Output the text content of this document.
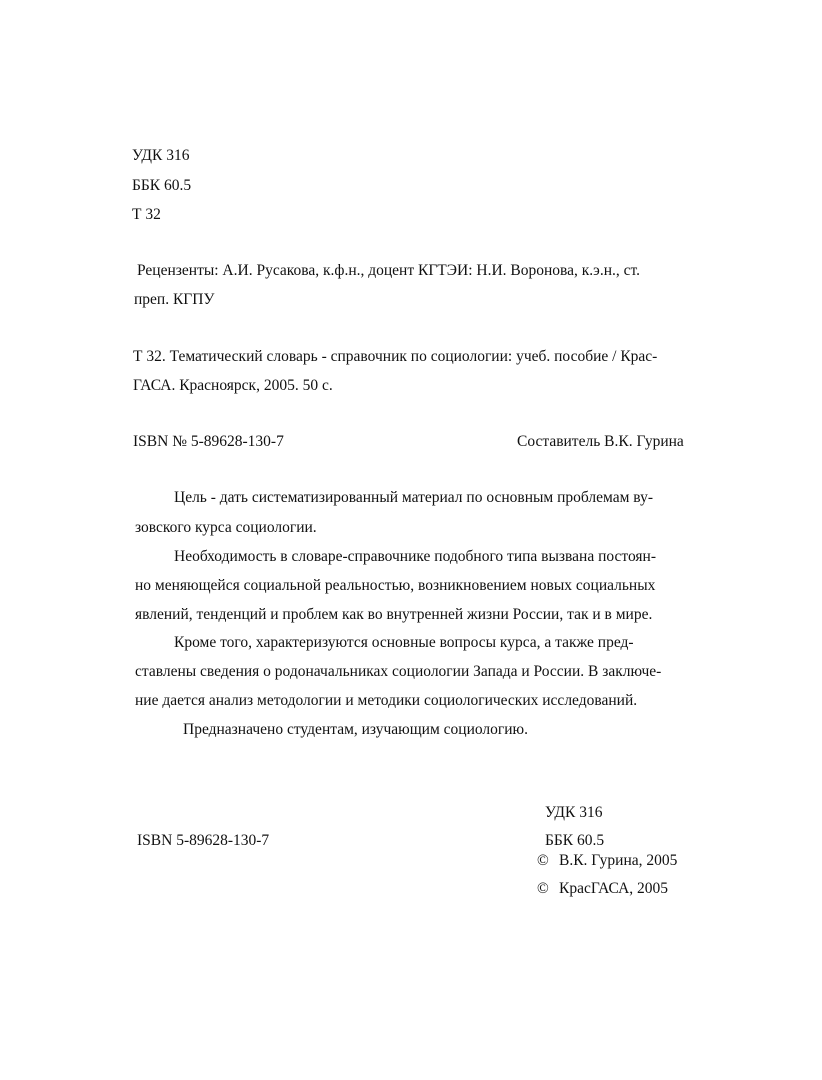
УДК 316
ББК 60.5
Т 32
Рецензенты: А.И. Русакова, к.ф.н., доцент КГТЭИ: Н.И. Воронова, к.э.н., ст.
преп. КГПУ
Т 32. Тематический словарь - справочник по социологии: учеб. пособие / Крас-
ГАСА. Красноярск, 2005. 50 с.
ISBN № 5-89628-130-7	Составитель В.К. Гурина
Цель - дать систематизированный материал по основным проблемам ву-
зовского курса социологии.
Необходимость в словаре-справочнике подобного типа вызвана постоян-
но меняющейся социальной реальностью, возникновением новых социальных
явлений, тенденций и проблем как во внутренней жизни России, так и в мире.
Кроме того, характеризуются основные вопросы курса, а также пред-
ставлены сведения о родоначальниках социологии Запада и России. В заключе-
ние дается анализ методологии и методики социологических исследований.
Предназначено студентам, изучающим социологию.
УДК 316
ISBN 5-89628-130-7	ББК 60.5
© В.К. Гурина, 2005
© КрасГАСА, 2005
